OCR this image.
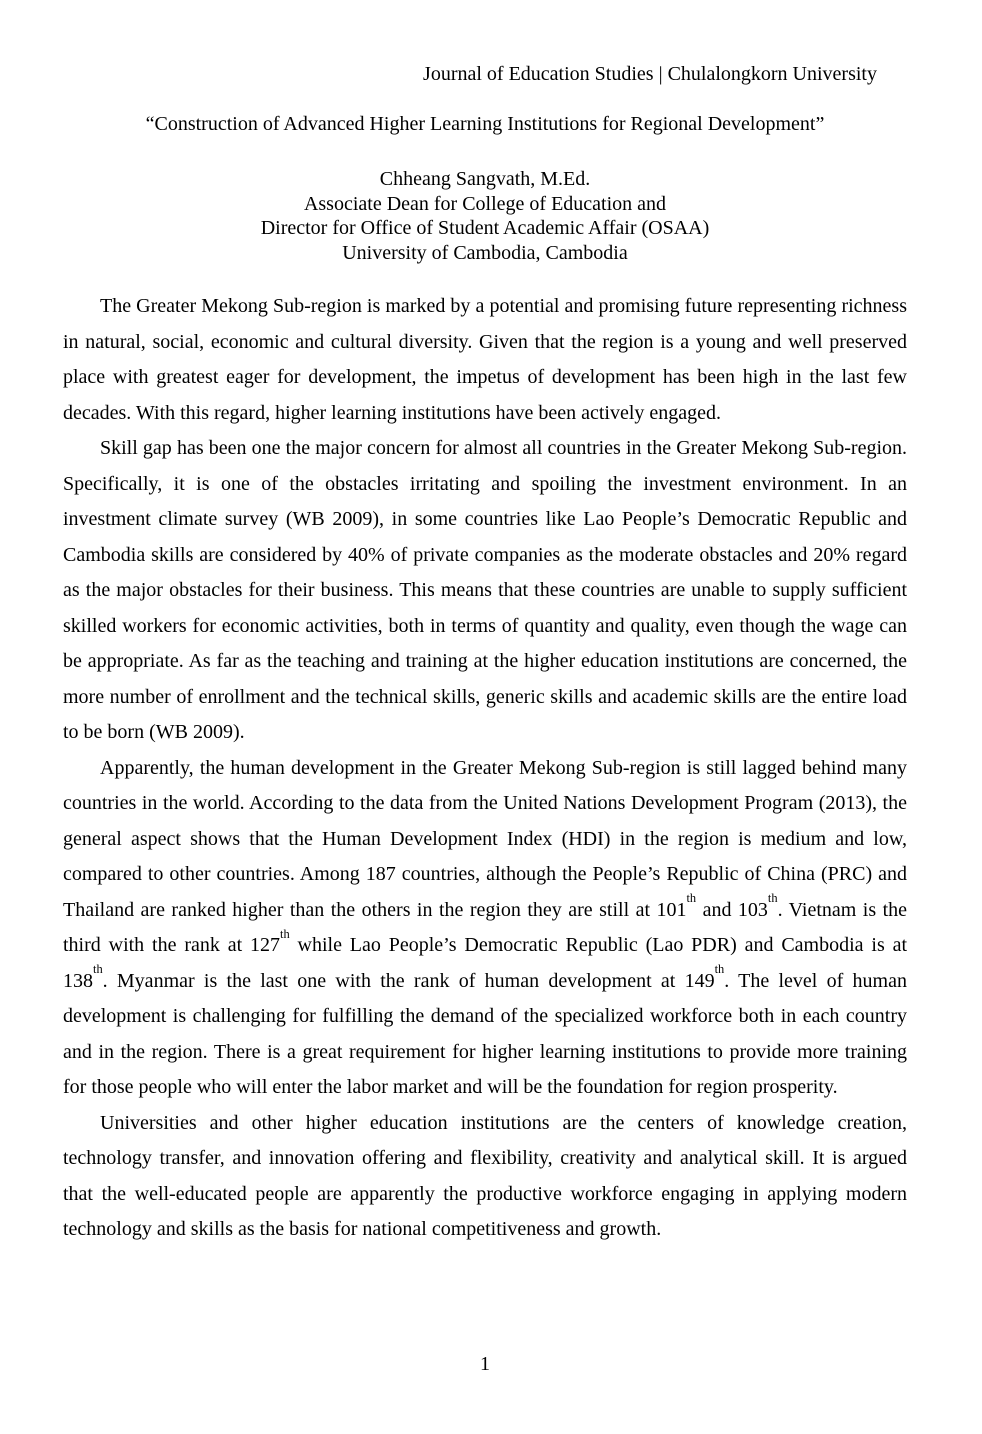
Journal of Education Studies | Chulalongkorn University
“Construction of Advanced Higher Learning Institutions for Regional Development”
Chheang Sangvath, M.Ed.
Associate Dean for College of Education and
Director for Office of Student Academic Affair (OSAA)
University of Cambodia, Cambodia

The Greater Mekong Sub-region is marked by a potential and promising future representing richness in natural, social, economic and cultural diversity. Given that the region is a young and well preserved place with greatest eager for development, the impetus of development has been high in the last few decades. With this regard, higher learning institutions have been actively engaged.

Skill gap has been one the major concern for almost all countries in the Greater Mekong Sub-region. Specifically, it is one of the obstacles irritating and spoiling the investment environment. In an investment climate survey (WB 2009), in some countries like Lao People’s Democratic Republic and Cambodia skills are considered by 40% of private companies as the moderate obstacles and 20% regard as the major obstacles for their business. This means that these countries are unable to supply sufficient skilled workers for economic activities, both in terms of quantity and quality, even though the wage can be appropriate. As far as the teaching and training at the higher education institutions are concerned, the more number of enrollment and the technical skills, generic skills and academic skills are the entire load to be born (WB 2009).

Apparently, the human development in the Greater Mekong Sub-region is still lagged behind many countries in the world. According to the data from the United Nations Development Program (2013), the general aspect shows that the Human Development Index (HDI) in the region is medium and low, compared to other countries. Among 187 countries, although the People’s Republic of China (PRC) and Thailand are ranked higher than the others in the region they are still at 101th and 103th. Vietnam is the third with the rank at 127th while Lao People’s Democratic Republic (Lao PDR) and Cambodia is at 138th. Myanmar is the last one with the rank of human development at 149th. The level of human development is challenging for fulfilling the demand of the specialized workforce both in each country and in the region. There is a great requirement for higher learning institutions to provide more training for those people who will enter the labor market and will be the foundation for region prosperity.

Universities and other higher education institutions are the centers of knowledge creation, technology transfer, and innovation offering and flexibility, creativity and analytical skill. It is argued that the well-educated people are apparently the productive workforce engaging in applying modern technology and skills as the basis for national competitiveness and growth.

1
